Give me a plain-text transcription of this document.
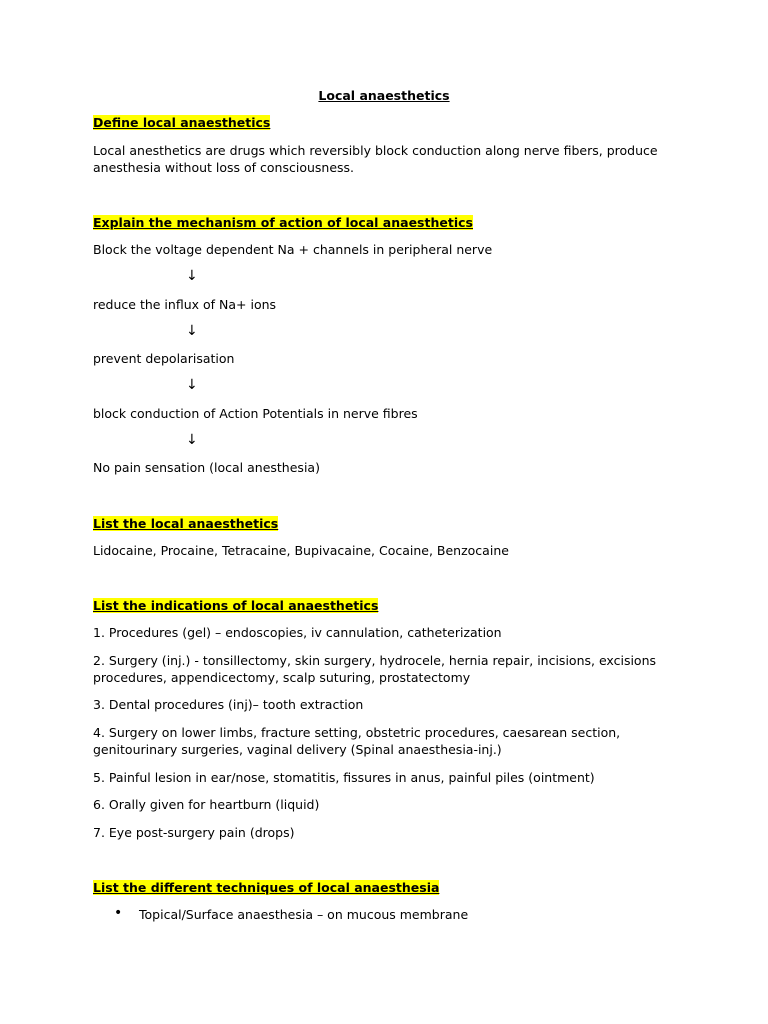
Local anaesthetics
Define local anaesthetics
Local anesthetics are drugs which reversibly block conduction along nerve fibers, produce anesthesia without loss of consciousness.
Explain the mechanism of action of local anaesthetics
Block the voltage dependent Na + channels in peripheral nerve
↓
reduce the influx of Na+ ions
↓
prevent depolarisation
↓
block conduction of Action Potentials in nerve fibres
↓
No pain sensation (local anesthesia)
List the local anaesthetics
Lidocaine, Procaine, Tetracaine, Bupivacaine, Cocaine, Benzocaine
List the indications of local anaesthetics
1. Procedures (gel) – endoscopies, iv cannulation, catheterization
2. Surgery (inj.) - tonsillectomy, skin surgery, hydrocele, hernia repair, incisions, excisions procedures, appendicectomy, scalp suturing, prostatectomy
3. Dental procedures (inj)– tooth extraction
4. Surgery on lower limbs, fracture setting, obstetric procedures, caesarean section, genitourinary surgeries, vaginal delivery (Spinal anaesthesia-inj.)
5. Painful lesion in ear/nose, stomatitis, fissures in anus, painful piles (ointment)
6. Orally given for heartburn (liquid)
7. Eye post-surgery pain (drops)
List the different techniques of local anaesthesia
• Topical/Surface anaesthesia – on mucous membrane
